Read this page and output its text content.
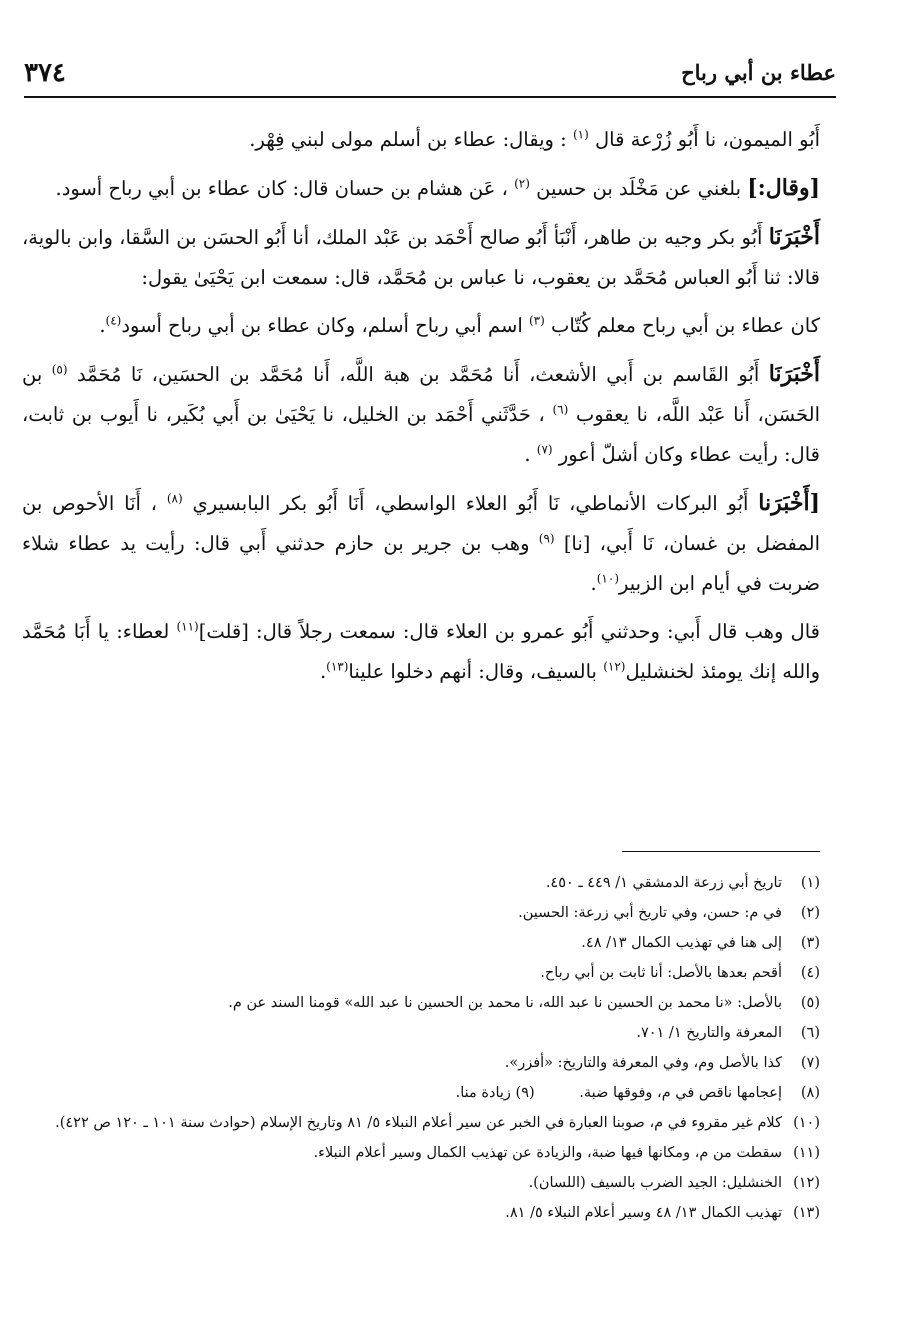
٣٧٤	عطاء بن أبي رباح

أَبُو الميمون، نا أَبُو زُرْعة قال $^{(١)}$ : ويقال: عطاء بن أسلم مولى لبني فِهْر.

[وقال:] بلغني عن مَخْلَد بن حسين $^{(٢)}$ ، عَن هشام بن حسان قال: كان عطاء بن أبي رباح أسود.

أَخْبَرَنَا أَبُو بكر وجيه بن طاهر، أَنْبَأ أَبُو صالح أَحْمَد بن عَبْد الملك، أنا أَبُو الحسَن بن السَّقا، وابن بالوية، قالا: ثنا أَبُو العباس مُحَمَّد بن يعقوب، نا عباس بن مُحَمَّد، قال: سمعت ابن يَحْيَىٰ يقول:

كان عطاء بن أبي رباح معلم كُتّاب $^{(٣)}$ اسم أبي رباح أسلم، وكان عطاء بن أبي رباح أسود$^{(٤)}$.

أَخْبَرَنَا أَبُو القَاسم بن أَبي الأشعث، أَنا مُحَمَّد بن هبة اللَّه، أَنا مُحَمَّد بن الحسَين، نَا مُحَمَّد $^{(٥)}$ بن الحَسَن، أَنا عَبْد اللَّه، نا يعقوب $^{(٦)}$ ، حَدَّثَني أَحْمَد بن الخليل، نا يَحْيَىٰ بن أَبي بُكَير، نا أَيوب بن ثابت، قال: رأيت عطاء وكان أشلّ أعور $^{(٧)}$ .

[أَخْبَرَنا أَبُو البركات الأنماطي، نَا أَبُو العلاء الواسطي، أَنَا أَبُو بكر البابسيري $^{(٨)}$ ، أَنَا الأحوص بن المفضل بن غسان، نَا أَبي، [نا] $^{(٩)}$ وهب بن جرير بن حازم حدثني أَبي قال: رأيت يد عطاء شلاء ضربت في أيام ابن الزبير$^{(١٠)}$.

قال وهب قال أَبي: وحدثني أَبُو عمرو بن العلاء قال: سمعت رجلاً قال: [قلت]$^{(١١)}$ لعطاء: يا أَبَا مُحَمَّد والله إنك يومئذ لخنشليل$^{(١٢)}$ بالسيف، وقال: أنهم دخلوا علينا$^{(١٣)}$.

(١)
تاريخ أبي زرعة الدمشقي ١/ ٤٤٩ ـ ٤٥٠.
(٢)
في م: حسن، وفي تاريخ أبي زرعة: الحسين.
(٣)
إلى هنا في تهذيب الكمال ١٣/ ٤٨.
(٤)
أقحم بعدها بالأصل: أنا ثابت بن أبي رباح.
(٥)
بالأصل: «نا محمد بن الحسين نا عبد الله، نا محمد بن الحسين نا عبد الله» قومنا السند عن م.
(٦)
المعرفة والتاريخ ١/ ٧٠١.
(٧)
كذا بالأصل وم، وفي المعرفة والتاريخ: «أفزر».
(٨)
إعجامها ناقص في م، وفوقها ضبة. (٩) زيادة منا.
(١٠)
كلام غير مقروء في م، صوبنا العبارة في الخبر عن سير أعلام النبلاء ٥/ ٨١ وتاريخ الإسلام (حوادث سنة ١٠١ ـ ١٢٠ ص ٤٢٢).
(١١)
سقطت من م، ومكانها فيها ضبة، والزيادة عن تهذيب الكمال وسير أعلام النبلاء.
(١٢)
الخنشليل: الجيد الضرب بالسيف (اللسان).
(١٣)
تهذيب الكمال ١٣/ ٤٨ وسير أعلام النبلاء ٥/ ٨١.
